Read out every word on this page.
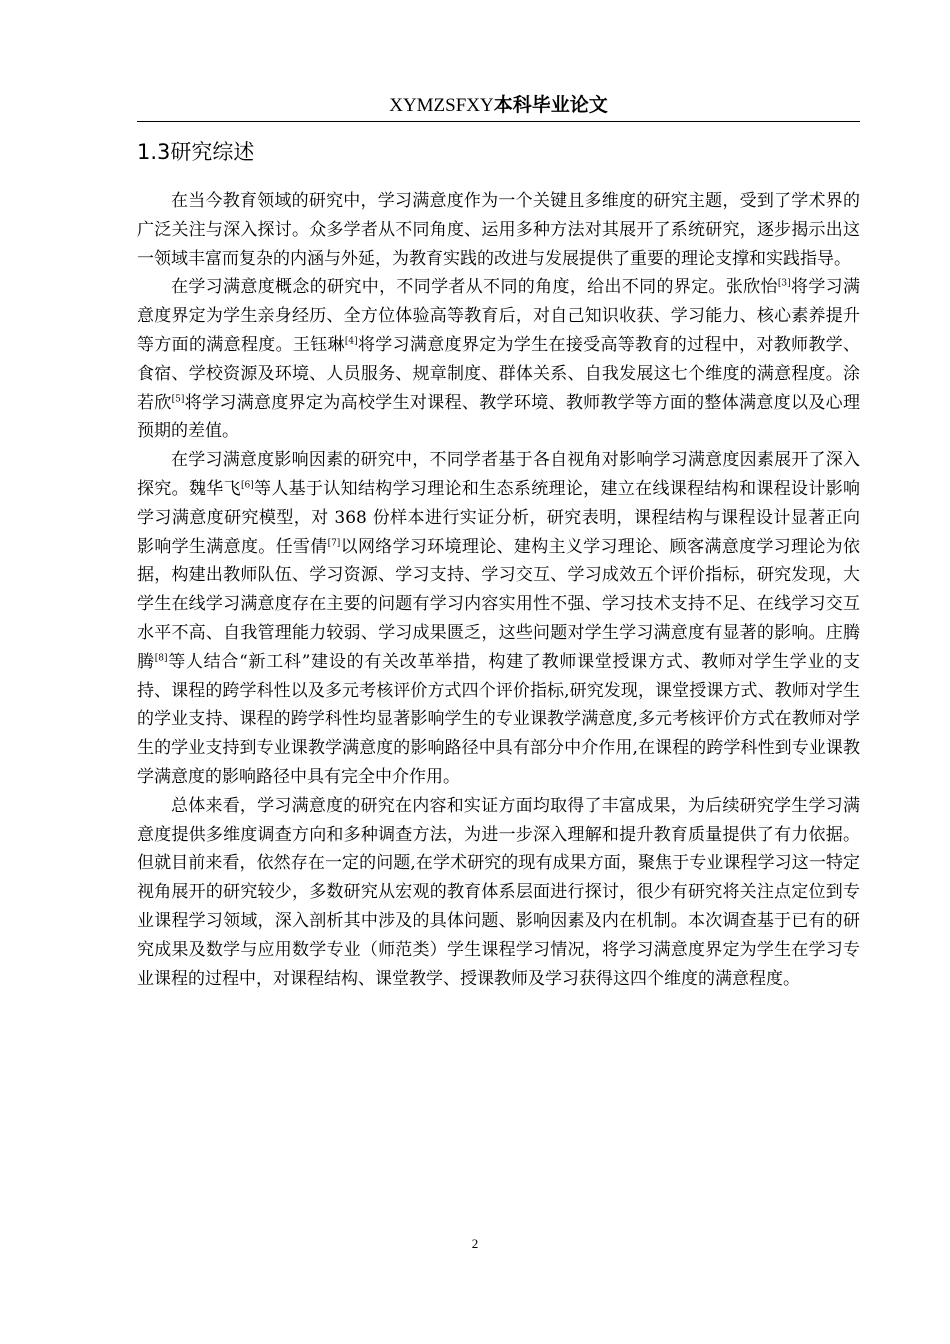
XYMZSFXY本科毕业论文
1.3研究综述

在当今教育领域的研究中，学习满意度作为一个关键且多维度的研究主题，受到了学术界的广泛关注与深入探讨。众多学者从不同角度、运用多种方法对其展开了系统研究，逐步揭示出这一领域丰富而复杂的内涵与外延，为教育实践的改进与发展提供了重要的理论支撑和实践指导。

在学习满意度概念的研究中，不同学者从不同的角度，给出不同的界定。张欣怡[3]将学习满意度界定为学生亲身经历、全方位体验高等教育后，对自己知识收获、学习能力、核心素养提升等方面的满意程度。王钰琳[4]将学习满意度界定为学生在接受高等教育的过程中，对教师教学、食宿、学校资源及环境、人员服务、规章制度、群体关系、自我发展这七个维度的满意程度。涂若欣[5]将学习满意度界定为高校学生对课程、教学环境、教师教学等方面的整体满意度以及心理预期的差值。

在学习满意度影响因素的研究中，不同学者基于各自视角对影响学习满意度因素展开了深入探究。魏华飞[6]等人基于认知结构学习理论和生态系统理论，建立在线课程结构和课程设计影响学习满意度研究模型，对 368 份样本进行实证分析，研究表明，课程结构与课程设计显著正向影响学生满意度。任雪倩[7]以网络学习环境理论、建构主义学习理论、顾客满意度学习理论为依据，构建出教师队伍、学习资源、学习支持、学习交互、学习成效五个评价指标，研究发现，大学生在线学习满意度存在主要的问题有学习内容实用性不强、学习技术支持不足、在线学习交互水平不高、自我管理能力较弱、学习成果匮乏，这些问题对学生学习满意度有显著的影响。庄腾腾[8]等人结合“新工科”建设的有关改革举措，构建了教师课堂授课方式、教师对学生学业的支持、课程的跨学科性以及多元考核评价方式四个评价指标,研究发现，课堂授课方式、教师对学生的学业支持、课程的跨学科性均显著影响学生的专业课教学满意度,多元考核评价方式在教师对学生的学业支持到专业课教学满意度的影响路径中具有部分中介作用,在课程的跨学科性到专业课教学满意度的影响路径中具有完全中介作用。

总体来看，学习满意度的研究在内容和实证方面均取得了丰富成果，为后续研究学生学习满意度提供多维度调查方向和多种调查方法，为进一步深入理解和提升教育质量提供了有力依据。但就目前来看，依然存在一定的问题,在学术研究的现有成果方面，聚焦于专业课程学习这一特定视角展开的研究较少，多数研究从宏观的教育体系层面进行探讨，很少有研究将关注点定位到专业课程学习领域，深入剖析其中涉及的具体问题、影响因素及内在机制。本次调查基于已有的研究成果及数学与应用数学专业（师范类）学生课程学习情况，将学习满意度界定为学生在学习专业课程的过程中，对课程结构、课堂教学、授课教师及学习获得这四个维度的满意程度。

2
